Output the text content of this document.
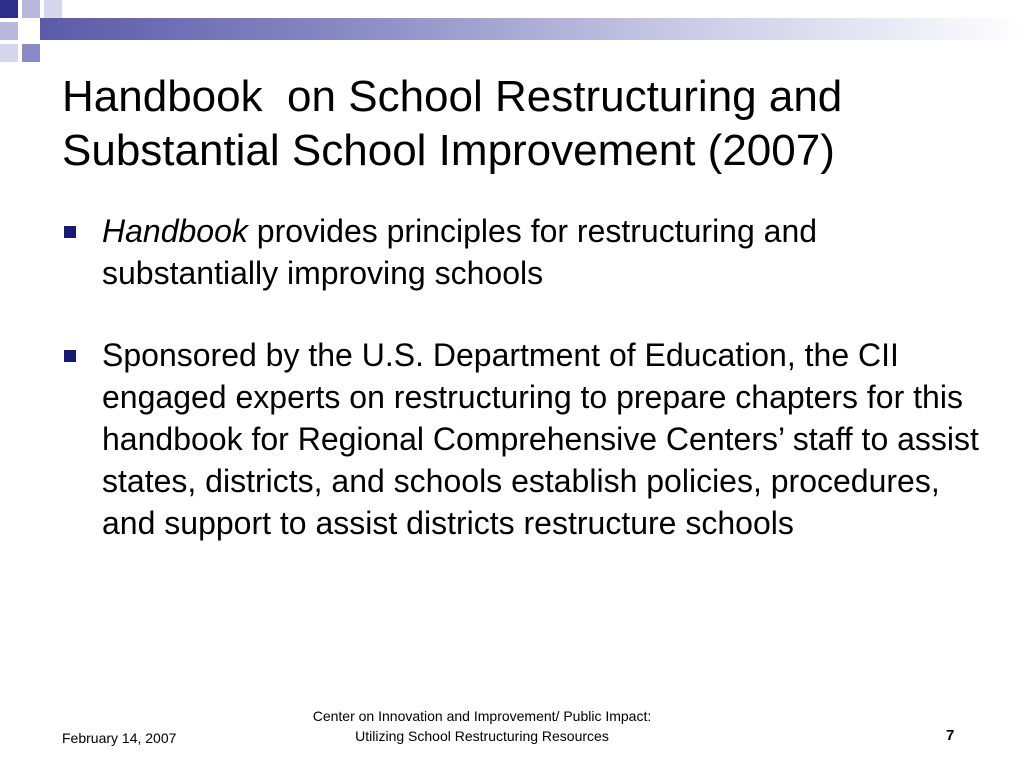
Handbook  on School Restructuring and Substantial School Improvement (2007)
Handbook provides principles for restructuring and substantially improving schools
Sponsored by the U.S. Department of Education, the CII engaged experts on restructuring to prepare chapters for this handbook for Regional Comprehensive Centers’ staff to assist states, districts, and schools establish policies, procedures, and support to assist districts restructure schools
February 14, 2007
Center on Innovation and Improvement/ Public Impact:
Utilizing School Restructuring Resources	7
